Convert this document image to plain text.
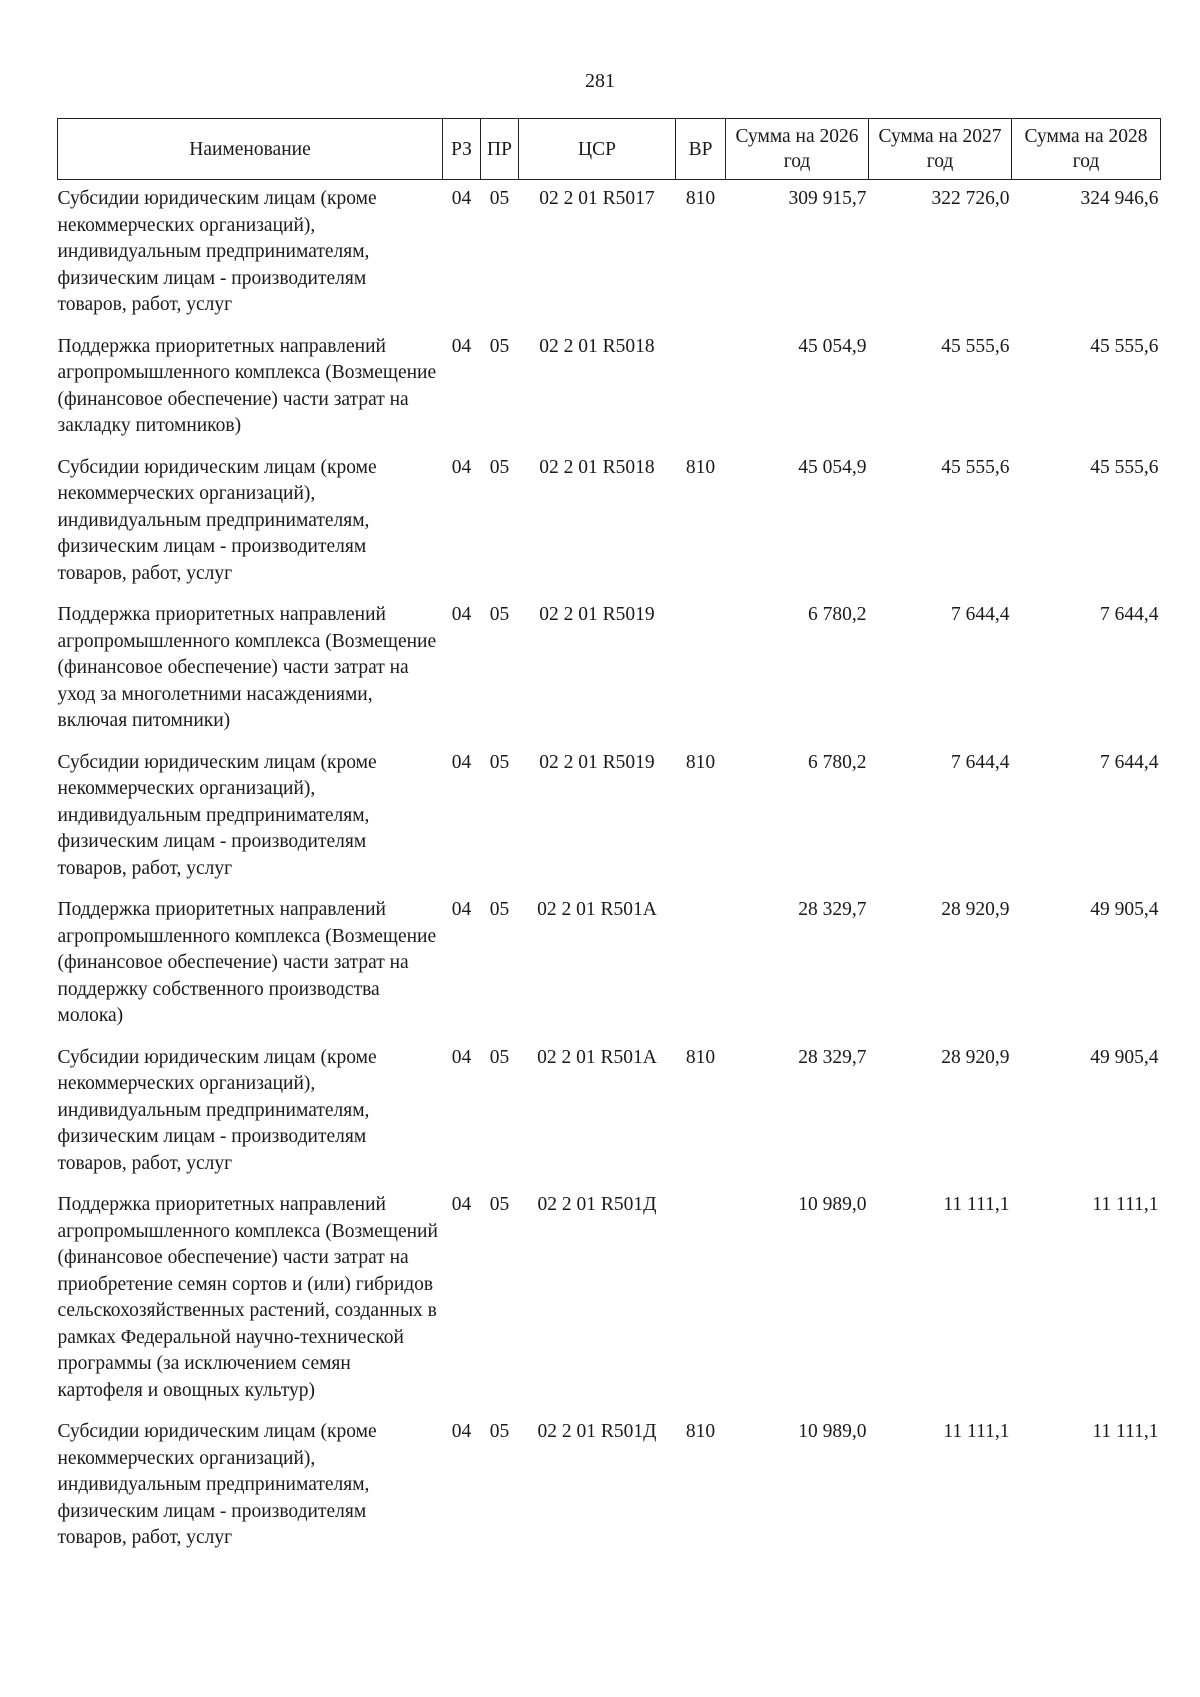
281
Наименование	РЗ	ПР	ЦСР	ВР	Сумма на 2026 год	Сумма на 2027 год	Сумма на 2028 год
Субсидии юридическим лицам (кроме некоммерческих организаций), индивидуальным предпринимателям, физическим лицам - производителям товаров, работ, услуг	04	05	02 2 01 R5017	810	309 915,7	322 726,0	324 946,6
Поддержка приоритетных направлений агропромышленного комплекса (Возмещение (финансовое обеспечение) части затрат на закладку питомников)	04	05	02 2 01 R5018		45 054,9	45 555,6	45 555,6
Субсидии юридическим лицам (кроме некоммерческих организаций), индивидуальным предпринимателям, физическим лицам - производителям товаров, работ, услуг	04	05	02 2 01 R5018	810	45 054,9	45 555,6	45 555,6
Поддержка приоритетных направлений агропромышленного комплекса (Возмещение (финансовое обеспечение) части затрат на уход за многолетними насаждениями, включая питомники)	04	05	02 2 01 R5019		6 780,2	7 644,4	7 644,4
Субсидии юридическим лицам (кроме некоммерческих организаций), индивидуальным предпринимателям, физическим лицам - производителям товаров, работ, услуг	04	05	02 2 01 R5019	810	6 780,2	7 644,4	7 644,4
Поддержка приоритетных направлений агропромышленного комплекса (Возмещение (финансовое обеспечение) части затрат на поддержку собственного производства молока)	04	05	02 2 01 R501A		28 329,7	28 920,9	49 905,4
Субсидии юридическим лицам (кроме некоммерческих организаций), индивидуальным предпринимателям, физическим лицам - производителям товаров, работ, услуг	04	05	02 2 01 R501A	810	28 329,7	28 920,9	49 905,4
Поддержка приоритетных направлений агропромышленного комплекса (Возмещений (финансовое обеспечение) части затрат на приобретение семян сортов и (или) гибридов сельскохозяйственных растений, созданных в рамках Федеральной научно-технической программы (за исключением семян картофеля и овощных культур)	04	05	02 2 01 R501Д		10 989,0	11 111,1	11 111,1
Субсидии юридическим лицам (кроме некоммерческих организаций), индивидуальным предпринимателям, физическим лицам - производителям товаров, работ, услуг	04	05	02 2 01 R501Д	810	10 989,0	11 111,1	11 111,1
